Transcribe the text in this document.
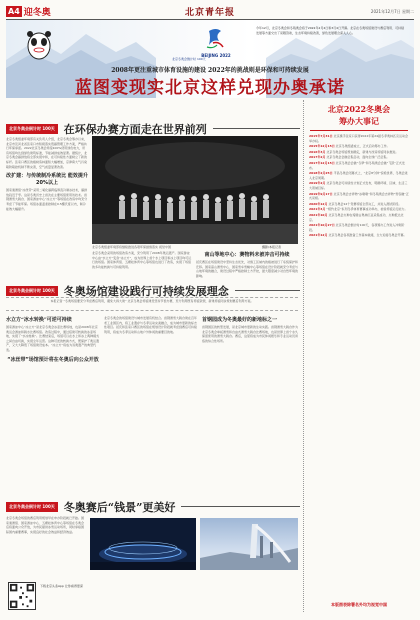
A4 迎冬奥	北京青年报	2021年12月7日 星期二
BEIJING 2022
北京冬奥会倒计时 100天
今年12月，北京冬奥会和冬残奥会将于2022年2月4日和3月4日开幕。北京在冬奥场馆建设与赛后利用、可持续发展等方面交出了亮眼答卷，生态环境持续改善，绿色发展理念深入人心。
2008年更注重城市体育设施的建设 2022年的挑战则是环保和可持续发展
蓝图变现实北京这样兑现办奥承诺
北京冬奥会倒计时 100天 在环保办赛方面走在世界前列

北京冬奥组委环境部有关负责人介绍，北京冬奥会筹办以来，北京市及河北省张家口市积极落实低碳管理工作方案，严格执行环保承诺。2022北京冬奥会场馆100%使用绿色电力，所有场馆均达到绿色建筑标准，节能减排成效显著。据统计，北京冬奥会碳排放将全部实现中和，在可持续性方面树立了新的标杆。张家口赛区的植树造林面积大幅增加，京津冀大气污染联防联控机制不断完善，空气质量显著改善。

改扩建：与传统制冷系统比 能效提升20%以上

国家速滑馆“冰丝带”采用二氧化碳跨临界直冷制冰技术，碳排放趋近于零。这是冬奥历史上首次在主要场馆使用该技术。首钢滑雪大跳台、国家游泳中心“冰立方”等场馆在改造中均充分考虑了节能环保。场馆冰面温差控制在0.5摄氏度以内，制冷能效大幅提升。

北京冬奥组委环境部将继续推进各项环保措施落实 视觉中国	摄影/本报记者

北京冬奥会采用的场馆改造方案，充分利用了2008年奥运遗产。国家游泳中心由“水立方”变身“冰立方”，成为世界上首个水上项目和冰上项目均可运行的场馆。国家体育馆、五棵松体育中心等场馆也进行了改造，实现了场馆的多功能转换与可持续利用。

南山等地中心：赛物料未被冲击可持续

延庆赛区在场馆建设中坚持生态优先，对施工区域内的植被进行了系统保护和迁移。国家高山滑雪中心、国家雪车雪橇中心等场馆在设计阶段就充分考虑与山地环境的融合，建设过程中严格控制土方开挖，最大限度减少对自然环境的影响。

北京2022冬奥会
筹办大事记
2015年7月31日 北京携手张家口获得2022年第24届冬季奥林匹克运动会举办权。
2015年12月15日 北京冬奥组委成立，正式启动筹办工作。
2016年3月 北京冬奥会场馆规划确定，新建与改造场馆同步推进。
2017年2月 北京冬奥会会徽征集启动，面向全球广泛征集。
2017年12月15日 北京冬奥会会徽“冬梦”和冬残奥会会徽“飞跃”正式发布。
2018年2月25日 平昌冬奥会闭幕式上，“北京8分钟”惊艳世界，冬奥会进入北京周期。
2019年2月 北京冬奥会可持续性计划正式发布，明确环境、区域、生活三大领域目标。
2019年9月17日 北京冬奥会吉祥物“冰墩墩”和冬残奥会吉祥物“雪容融”正式亮相。
2020年12月 北京冬奥会12个竞赛场馆全部完工，并进入测试阶段。
2021年4月 “相约北京”系列冬季体育赛事成功举办，检验场馆运行能力。
2021年10月 北京冬奥会火种在希腊古奥林匹亚采集成功，火种抵达北京。
2021年10月27日 北京冬奥会倒计时100天，各项筹办工作进入冲刺阶段。
2021年12月 北京冬奥会各项准备工作基本就绪，全力迎接冬奥会开幕。
本版图表除署名外均为视觉中国
北京冬奥会倒计时 100天 冬奥场馆建设践行可持续发展理念
本报记者 “冬奥场馆要充分考虑赛后利用，避免大拆大建” 北京冬奥会场馆建设坚持节俭办赛，充分利用既有场馆资源，新建场馆同步规划赛后利用方案。
水立方“冰水转换”可逆可持续

国家游泳中心“冰立方”是北京冬奥会冰壶比赛场地，也是2008年北京奥运会游泳和跳水比赛场馆。改造过程中，通过搭建可转换的冰壶场地，实现了“水冰转换”。比赛结束后，场馆可以在水上和冰上两种模式之间自由切换，实现全年运营。这种可逆的转换方式，既保护了奥运遗产，又大大降低了场馆建设成本。“冰立方”将成为双奥遗产的典型代表。

“冰丝带”场馆预计将在冬奥后向公众开放

北京冬奥会的场馆建设与城市发展有机结合。首钢滑雪大跳台建在百年老工业园区内，将工业遗存与冬季运动完美融合，成为城市更新的标志性项目。延庆和张家口赛区的场馆在规划设计阶段就考虑到赛后可持续利用，将成为冬季运动和山地户外休闲的重要目的地。

首钢园成为冬奥最好的新地标之一

首钢园区的转型发展，是北京城市更新的生动实践。首钢滑雪大跳台作为北京冬奥会单板滑雪和自由式滑雪大跳台比赛场地，也是世界上首个永久保留使用的滑雪大跳台。赛后，这里将成为市民休闲娱乐和专业运动员训练的综合性场所。

北京冬奥会倒计时 100天 冬奥赛后“钱景”更美好

北京冬奥会场馆的赛后利用规划早在申办阶段就已开始。国家速滑馆、国家游泳中心、五棵松体育中心等场馆在冬奥会后将面向公众开放，为市民提供冰雪运动场所，同时承接国际国内重要赛事，实现良好的社会效益和经济效益。

下载北京头条App 让你看得更深
